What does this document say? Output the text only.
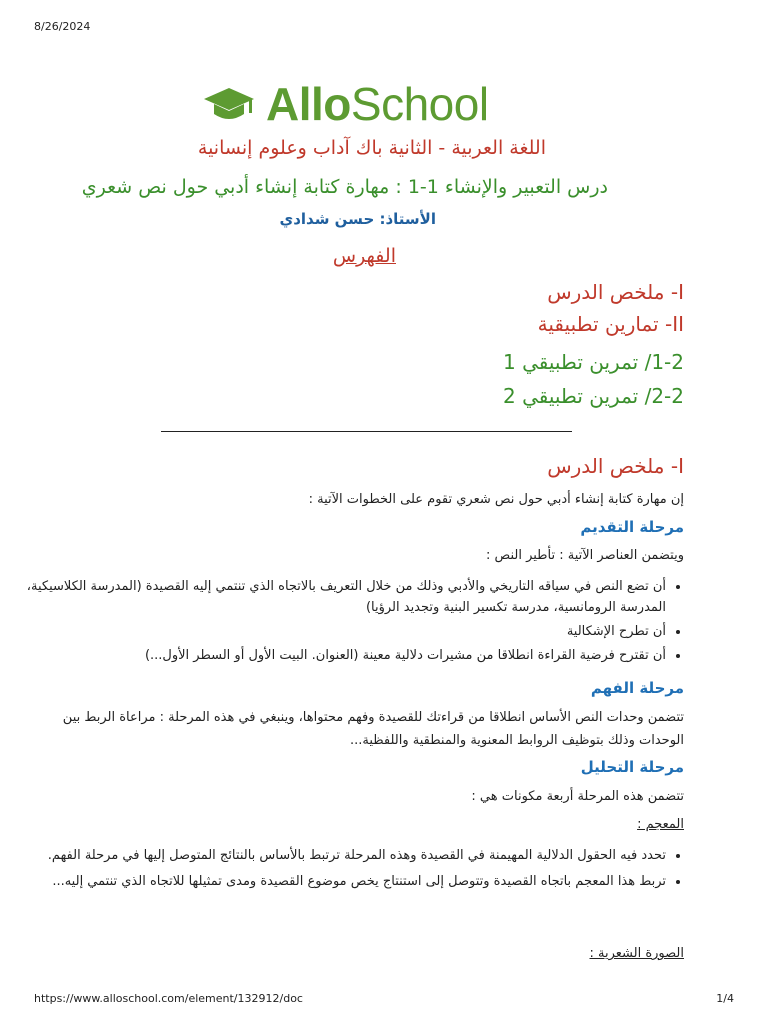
8/26/2024
AlloSchool
اللغة العربية - الثانية باك آداب وعلوم إنسانية
درس التعبير والإنشاء 1-1 : مهارة كتابة إنشاء أدبي حول نص شعري
الأستاذ: حسن شدادي
الفهرس
I- ملخص الدرس
II- تمارين تطبيقية
1-2/ تمرين تطبيقي 1
2-2/ تمرين تطبيقي 2
I- ملخص الدرس
إن مهارة كتابة إنشاء أدبي حول نص شعري تقوم على الخطوات الآتية :
مرحلة التقديم
ويتضمن العناصر الآتية : تأطير النص :
• أن تضع النص في سياقه التاريخي والأدبي وذلك من خلال التعريف بالاتجاه الذي تنتمي إليه القصيدة (المدرسة الكلاسيكية، المدرسة الرومانسية، مدرسة تكسير البنية وتجديد الرؤيا)
• أن تطرح الإشكالية
• أن تقترح فرضية القراءة انطلاقا من مشيرات دلالية معينة (العنوان. البيت الأول أو السطر الأول...)
مرحلة الفهم

تتضمن وحدات النص الأساس انطلاقا من قراءتك للقصيدة وفهم محتواها، وينبغي في هذه المرحلة : مراعاة الربط بين الوحدات وذلك بتوظيف الروابط المعنوية والمنطقية واللفظية...

مرحلة التحليل
تتضمن هذه المرحلة أربعة مكونات هي :
المعجم :
• تحدد فيه الحقول الدلالية المهيمنة في القصيدة وهذه المرحلة ترتبط بالأساس بالنتائج المتوصل إليها في مرحلة الفهم.
• تربط هذا المعجم باتجاه القصيدة وتتوصل إلى استنتاج يخص موضوع القصيدة ومدى تمثيلها للاتجاه الذي تنتمي إليه...
الصورة الشعرية :
https://www.alloschool.com/element/132912/doc	1/4
